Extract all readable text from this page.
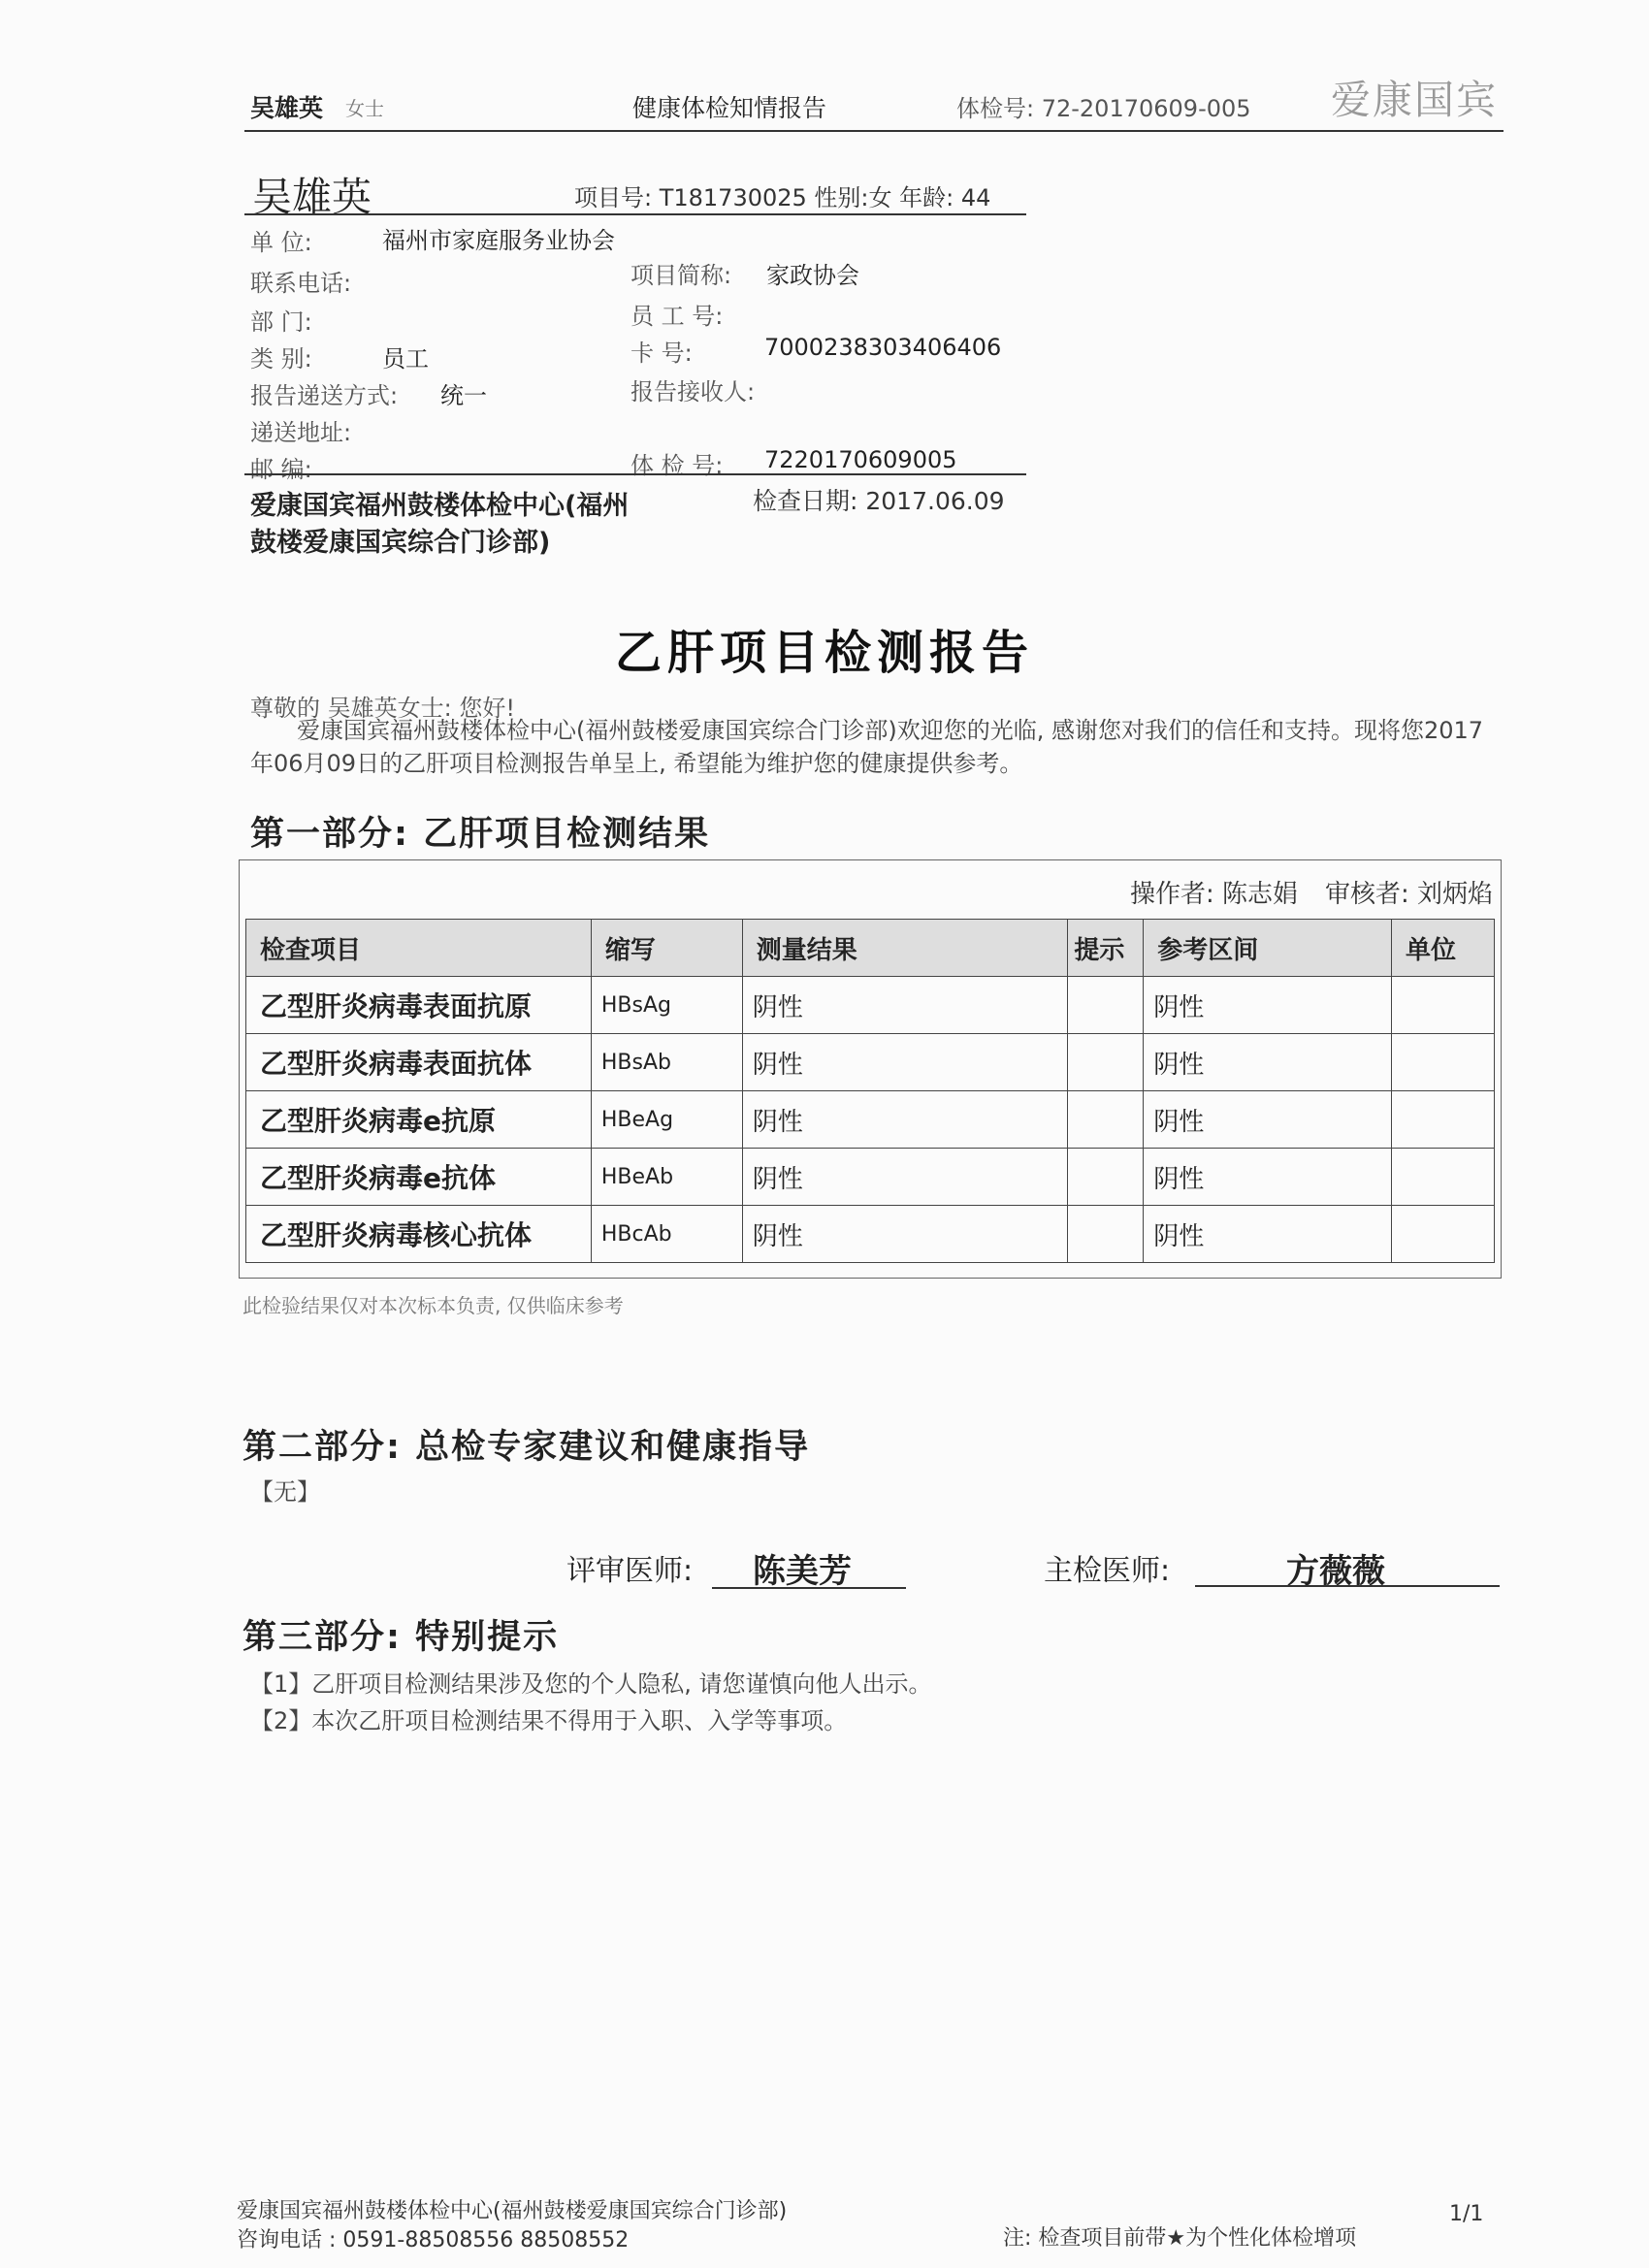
吴雄英 女士	健康体检知情报告	体检号: 72-20170609-005 爱康国宾
吴雄英	项目号: T181730025 性别:女 年龄: 44
单 位:	福州市家庭服务业协会
联系电话:	项目简称: 家政协会
部 门:	员 工 号:
类 别:	员工	卡 号:	7000238303406406
报告递送方式: 统一	报告接收人:
递送地址:
邮 编:	体 检 号: 7220170609005
爱康国宾福州鼓楼体检中心(福州鼓楼爱康国宾综合门诊部)
检查日期: 2017.06.09
乙肝项目检测报告
尊敬的 吴雄英女士: 您好!
爱康国宾福州鼓楼体检中心(福州鼓楼爱康国宾综合门诊部)欢迎您的光临, 感谢您对我们的信任和支持。现将您2017年06月09日的乙肝项目检测报告单呈上, 希望能为维护您的健康提供参考。
第一部分: 乙肝项目检测结果
操作者: 陈志娟 审核者: 刘炳焰
检查项目	缩写	测量结果	提示	参考区间	单位
乙型肝炎病毒表面抗原	HBsAg	阴性		阴性	
乙型肝炎病毒表面抗体	HBsAb	阴性		阴性	
乙型肝炎病毒e抗原	HBeAg	阴性		阴性	
乙型肝炎病毒e抗体	HBeAb	阴性		阴性	
乙型肝炎病毒核心抗体	HBcAb	阴性		阴性	
此检验结果仅对本次标本负责, 仅供临床参考
第二部分: 总检专家建议和健康指导
【无】
评审医师: 陈美芳	主检医师:	方薇薇
第三部分: 特别提示
【1】乙肝项目检测结果涉及您的个人隐私, 请您谨慎向他人出示。
【2】本次乙肝项目检测结果不得用于入职、入学等事项。
爱康国宾福州鼓楼体检中心(福州鼓楼爱康国宾综合门诊部)
咨询电话 : 0591-88508556 88508552	注: 检查项目前带★为个性化体检增项
1/1
